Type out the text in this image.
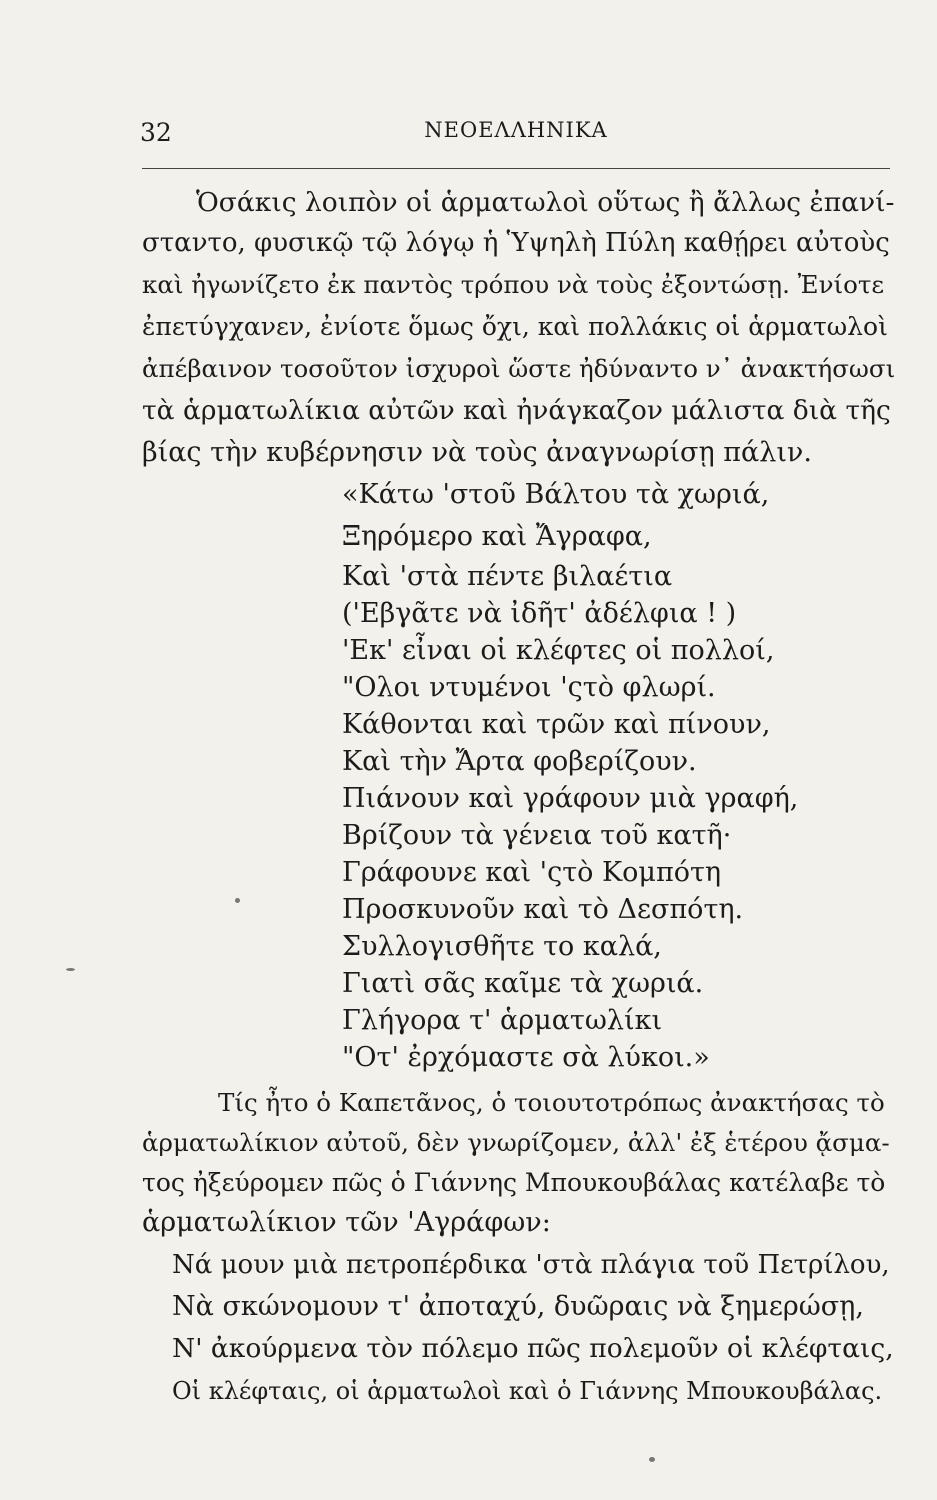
32	ΝΕΟΕΛΛΗΝΙΚΑ
Ὁσάκις λοιπὸν οἱ ἁρματωλοὶ οὕτως ἢ ἄλλως ἐπανί-
σταντο, φυσικῷ τῷ λόγῳ ἡ Ὑψηλὴ Πύλη καθῄρει αὐτοὺς
καὶ ἠγωνίζετο ἐκ παντὸς τρόπου νὰ τοὺς ἐξοντώσῃ. Ἐνίοτε
ἐπετύγχανεν, ἐνίοτε ὅμως ὄχι, καὶ πολλάκις οἱ ἁρματωλοὶ
ἀπέβαινον τοσοῦτον ἰσχυροὶ ὥστε ἠδύναντο ν᾽ ἀνακτήσωσι
τὰ ἁρματωλίκια αὐτῶν καὶ ἠνάγκαζον μάλιστα διὰ τῆς
βίας τὴν κυβέρνησιν νὰ τοὺς ἀναγνωρίσῃ πάλιν.
«Κάτω 'στοῦ Βάλτου τὰ χωριά,
Ξηρόμερο καὶ Ἄγραφα,
Καὶ 'στὰ πέντε βιλαέτια
('Εβγᾶτε νὰ ἰδῆτ' ἀδέλφια ! )
'Εκ' εἶναι οἱ κλέφτες οἱ πολλοί,
"Ολοι ντυμένοι 'ςτὸ φλωρί.
Κάθονται καὶ τρῶν καὶ πίνουν,
Καὶ τὴν Ἄρτα φοβερίζουν.
Πιάνουν καὶ γράφουν μιὰ γραφή,
Βρίζουν τὰ γένεια τοῦ κατῆ·
Γράφουνε καὶ 'ςτὸ Κομπότη
Προσκυνοῦν καὶ τὸ Δεσπότη.
Συλλογισθῆτε το καλά,
Γιατὶ σᾶς καῖμε τὰ χωριά.
Γλήγορα τ' ἁρματωλίκι
"Οτ' ἐρχόμαστε σὰ λύκοι.»
Τίς ἦτο ὁ Καπετᾶνος, ὁ τοιουτοτρόπως ἀνακτήσας τὸ
ἁρματωλίκιον αὐτοῦ, δὲν γνωρίζομεν, ἀλλ' ἐξ ἑτέρου ᾄσμα-
τος ἠξεύρομεν πῶς ὁ Γιάννης Μπουκουβάλας κατέλαβε τὸ
ἁρματωλίκιον τῶν 'Αγράφων:
Νά μουν μιὰ πετροπέρδικα 'στὰ πλάγια τοῦ Πετρίλου,
Νὰ σκώνομουν τ' ἀποταχύ, δυῶραις νὰ ξημερώσῃ,
Ν' ἀκούρμενα τὸν πόλεμο πῶς πολεμοῦν οἱ κλέφταις,
Οἱ κλέφταις, οἱ ἁρματωλοὶ καὶ ὁ Γιάννης Μπουκουβάλας.
